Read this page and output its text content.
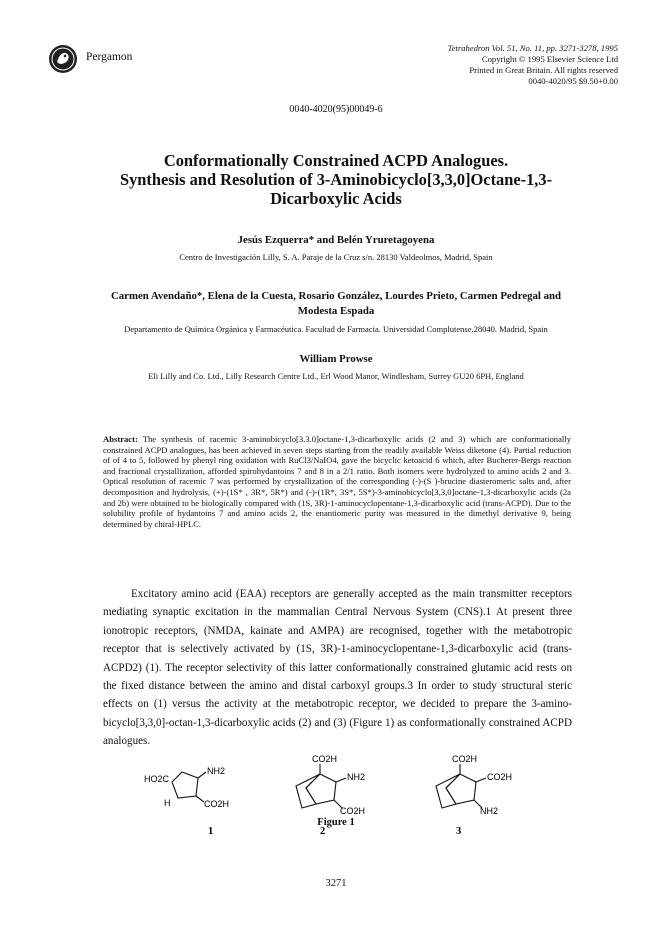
Pergamon
Tetrahedron Vol. 51, No. 11, pp. 3271-3278, 1995
Copyright © 1995 Elsevier Science Ltd
Printed in Great Britain. All rights reserved
0040-4020/95 $9.50+0.00
0040-4020(95)00049-6
Conformationally Constrained ACPD Analogues.
Synthesis and Resolution of 3-Aminobicyclo[3,3,0]Octane-1,3-
Dicarboxylic Acids
Jesús Ezquerra* and Belén Yruretagoyena
Centro de Investigación Lilly, S. A. Paraje de la Cruz s/n. 28130 Valdeolmos, Madrid, Spain
Carmen Avendaño*, Elena de la Cuesta, Rosario González, Lourdes Prieto, Carmen Pedregal and
Modesta Espada
Departamento de Química Orgánica y Farmacéutica. Facultad de Farmacia. Universidad Complutense.28040. Madrid, Spain
William Prowse
Eli Lilly and Co. Ltd., Lilly Research Centre Ltd., Erl Wood Manor, Windlesham, Surrey GU20 6PH, England
Abstract: The synthesis of racemic 3-aminobicyclo[3.3.0]octane-1,3-dicarboxylic acids (2 and 3) which are conformationally constrained ACPD analogues, has been achieved in seven steps starting from the readily available Weiss diketone (4). Partial reduction of of 4 to 5, followed by phenyl ring oxidation with RuCl3/NaIO4, gave the bicyclic ketoacid 6 which, after Bucherer-Bergs reaction and fractional crystallization, afforded spirohydantoins 7 and 8 in a 2/1 ratio. Both isomers were hydrolyzed to amino acids 2 and 3. Optical resolution of racemic 7 was performed by crystallization of the corresponding (-)-(S )-brucine diasteromeric salts and, after decomposition and hydrolysis, (+)-(1S* , 3R*, 5R*) and (-)-(1R*, 3S*, 5S*)-3-aminobicyclo[3,3,0]octane-1,3-dicarboxylic acids (2a and 2b) were obtained to be biologically compared with (1S, 3R)-1-aminocyclopentane-1,3-dicarboxylic acid (trans-ACPD). Due to the solubility profile of hydantoins 7 and amino acids 2, the enantiomeric purity was measured in the dimethyl derivative 9, being determined by chiral-HPLC.

Excitatory amino acid (EAA) receptors are generally accepted as the main transmitter receptors mediating synaptic excitation in the mammalian Central Nervous System (CNS).1 At present three ionotropic receptors, (NMDA, kainate and AMPA) are recognised, together with the metabotropic receptor that is selectively activated by (1S, 3R)-1-aminocyclopentane-1,3-dicarboxylic acid (trans-ACPD2) (1). The receptor selectivity of this latter conformationally constrained glutamic acid rests on the fixed distance between the amino and distal carboxyl groups.3 In order to study structural steric effects on (1) versus the activity at the metabotropic receptor, we decided to prepare the 3-amino-bicyclo[3,3,0]-octan-1,3-dicarboxylic acids (2) and (3) (Figure 1) as conformationally constrained ACPD analogues.

HO2C
H
NH2
CO2H
CO2H
NH2
CO2H
CO2H
CO2H
NH2
1	2	3
Figure 1
3271
